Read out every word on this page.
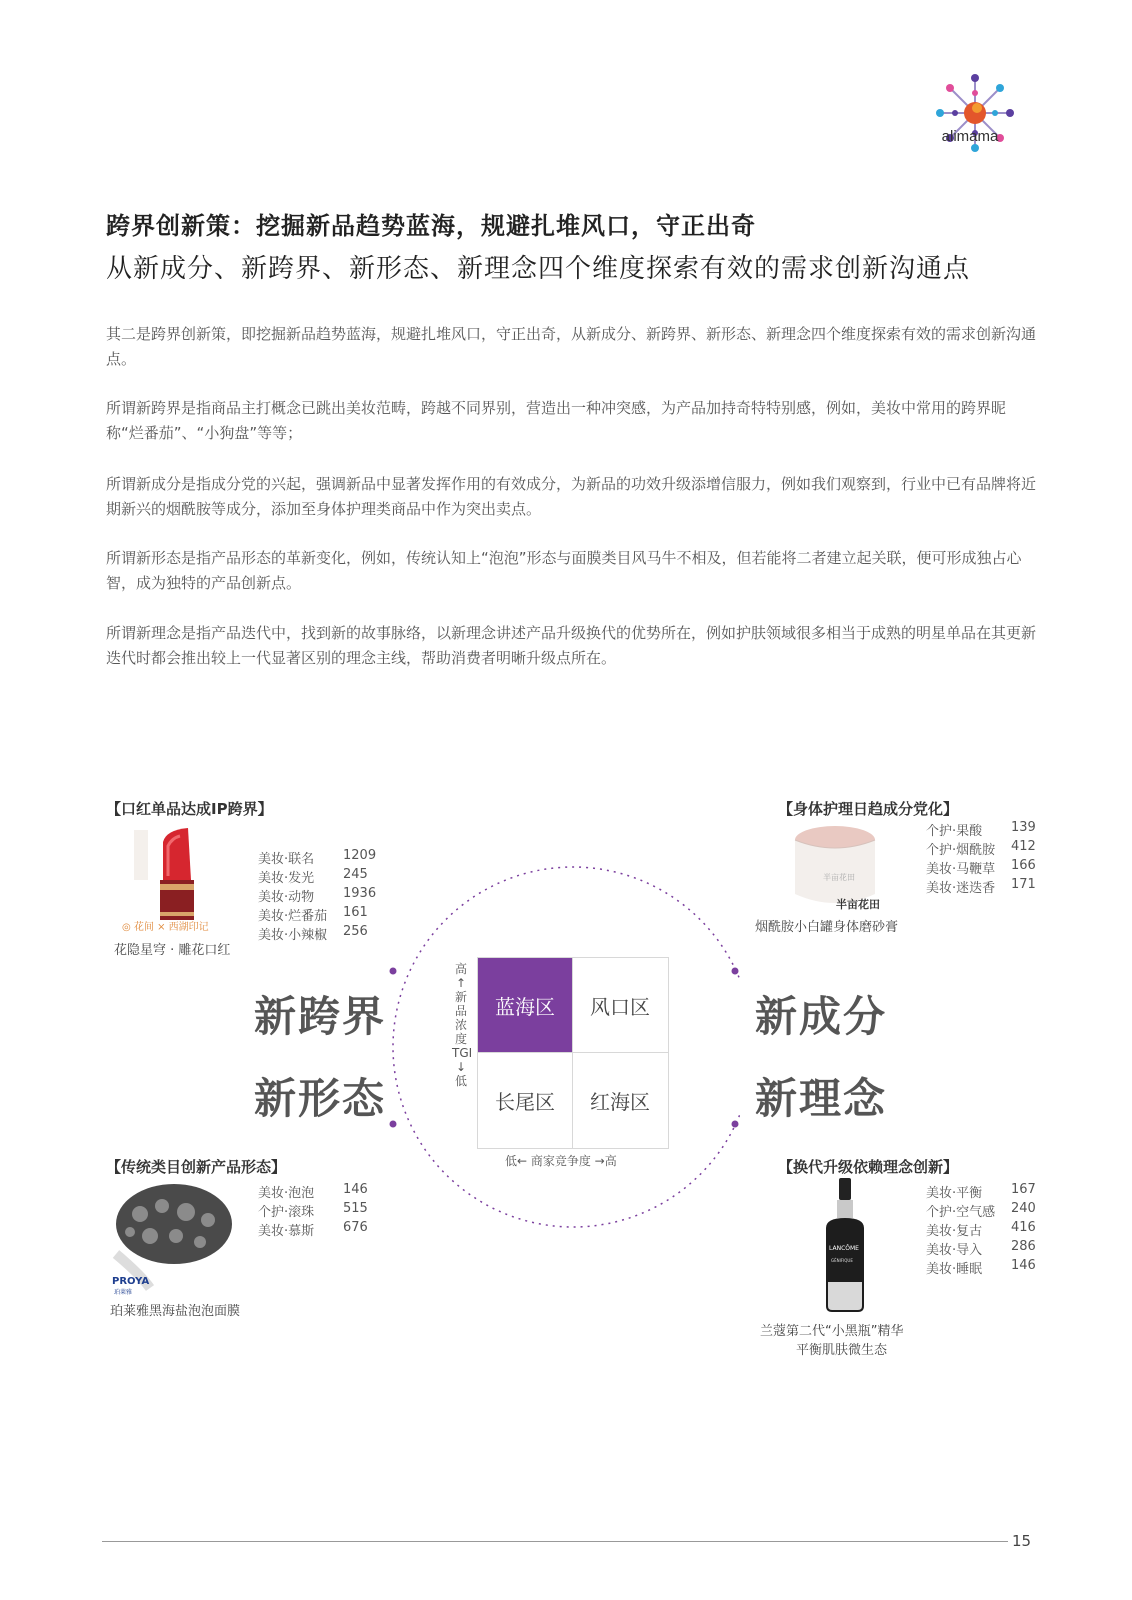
alimama
跨界创新策：挖掘新品趋势蓝海，规避扎堆风口，守正出奇
从新成分、新跨界、新形态、新理念四个维度探索有效的需求创新沟通点
其二是跨界创新策，即挖掘新品趋势蓝海，规避扎堆风口，守正出奇，从新成分、新跨界、新形态、新理念四个维度探索有效的需求创新沟通点。
所谓新跨界是指商品主打概念已跳出美妆范畴，跨越不同界别，营造出一种冲突感，为产品加持奇特特别感，例如，美妆中常用的跨界昵称“烂番茄”、“小狗盘”等等；
所谓新成分是指成分党的兴起，强调新品中显著发挥作用的有效成分，为新品的功效升级添增信服力，例如我们观察到，行业中已有品牌将近期新兴的烟酰胺等成分，添加至身体护理类商品中作为突出卖点。
所谓新形态是指产品形态的革新变化，例如，传统认知上“泡泡”形态与面膜类目风马牛不相及，但若能将二者建立起关联，便可形成独占心智，成为独特的产品创新点。
所谓新理念是指产品迭代中，找到新的故事脉络，以新理念讲述产品升级换代的优势所在，例如护肤领域很多相当于成熟的明星单品在其更新迭代时都会推出较上一代显著区别的理念主线，帮助消费者明晰升级点所在。
蓝海区	风口区
长尾区	红海区
高↑ 新品浓度TGI ↓低
低← 商家竞争度 →高
新跨界
新形态
新成分
新理念
【口红单品达成IP跨界】
◎ 花间 × 西湖印记
花隐星穹 · 雕花口红
美妆·联名	1209
美妆·发光	245
美妆·动物	1936
美妆·烂番茄	161
美妆·小辣椒	256
【身体护理日趋成分党化】
半亩花田
半亩花田
烟酰胺小白罐身体磨砂膏
个护·果酸	139
个护·烟酰胺	412
美妆·马鞭草	166
美妆·迷迭香	171
【传统类目创新产品形态】
PROYA
珀莱雅
珀莱雅黑海盐泡泡面膜
美妆·泡泡	146
个护·滚珠	515
美妆·慕斯	676
【换代升级依赖理念创新】
LANCÔME
GÉNIFIQUE
兰蔻第二代“小黑瓶”精华
平衡肌肤微生态
美妆·平衡	167
个护·空气感	240
美妆·复古	416
美妆·导入	286
美妆·睡眠	146
15
